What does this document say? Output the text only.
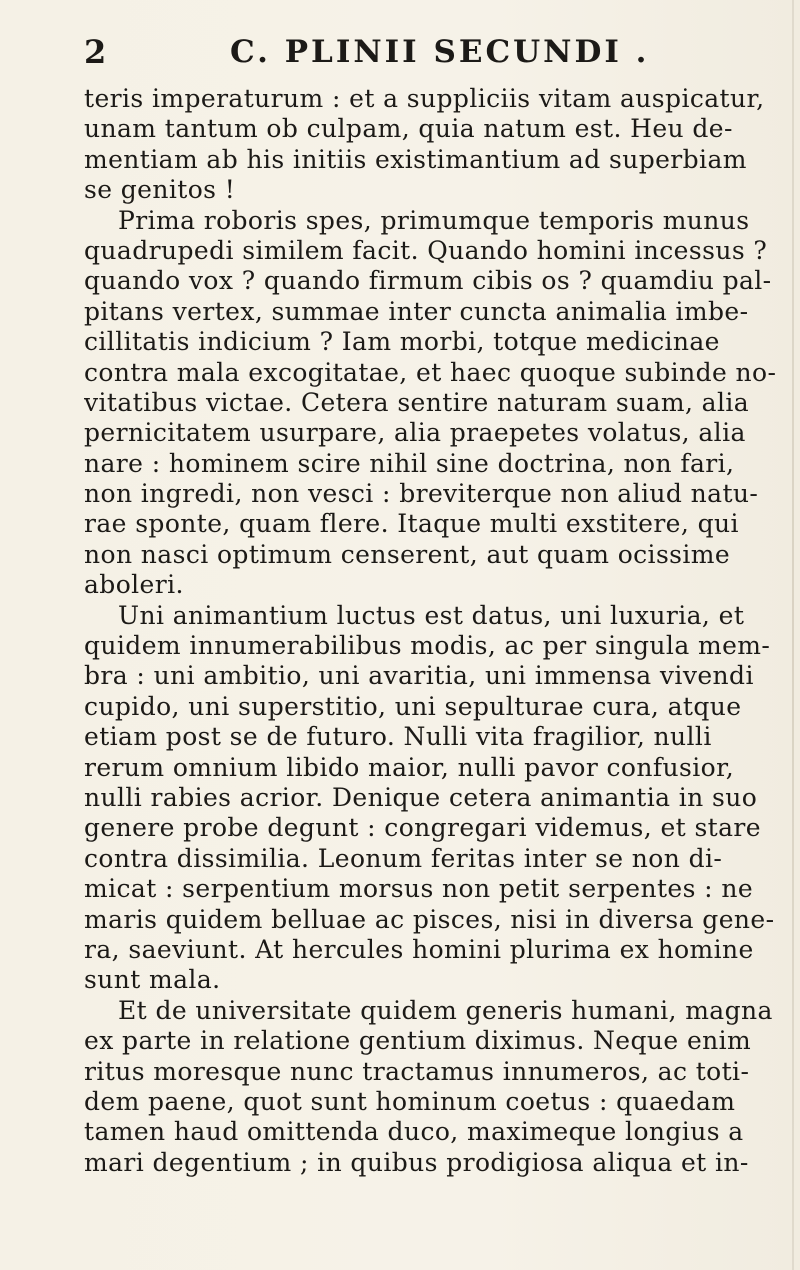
2	C. PLINII SECUNDI .
teris imperaturum : et a suppliciis vitam auspicatur,
unam tantum ob culpam, quia natum est. Heu de-
mentiam ab his initiis existimantium ad superbiam
se genitos !
Prima roboris spes, primumque temporis munus
quadrupedi similem facit. Quando homini incessus ?
quando vox ? quando firmum cibis os ? quamdiu pal-
pitans vertex, summae inter cuncta animalia imbe-
cillitatis indicium ? Iam morbi, totque medicinae
contra mala excogitatae, et haec quoque subinde no-
vitatibus victae. Cetera sentire naturam suam, alia
pernicitatem usurpare, alia praepetes volatus, alia
nare : hominem scire nihil sine doctrina, non fari,
non ingredi, non vesci : breviterque non aliud natu-
rae sponte, quam flere. Itaque multi exstitere, qui
non nasci optimum censerent, aut quam ocissime
aboleri.
Uni animantium luctus est datus, uni luxuria, et
quidem innumerabilibus modis, ac per singula mem-
bra : uni ambitio, uni avaritia, uni immensa vivendi
cupido, uni superstitio, uni sepulturae cura, atque
etiam post se de futuro. Nulli vita fragilior, nulli
rerum omnium libido maior, nulli pavor confusior,
nulli rabies acrior. Denique cetera animantia in suo
genere probe degunt : congregari videmus, et stare
contra dissimilia. Leonum feritas inter se non di-
micat : serpentium morsus non petit serpentes : ne
maris quidem belluae ac pisces, nisi in diversa gene-
ra, saeviunt. At hercules homini plurima ex homine
sunt mala.
Et de universitate quidem generis humani, magna
ex parte in relatione gentium diximus. Neque enim
ritus moresque nunc tractamus innumeros, ac toti-
dem paene, quot sunt hominum coetus : quaedam
tamen haud omittenda duco, maximeque longius a
mari degentium ; in quibus prodigiosa aliqua et in-
